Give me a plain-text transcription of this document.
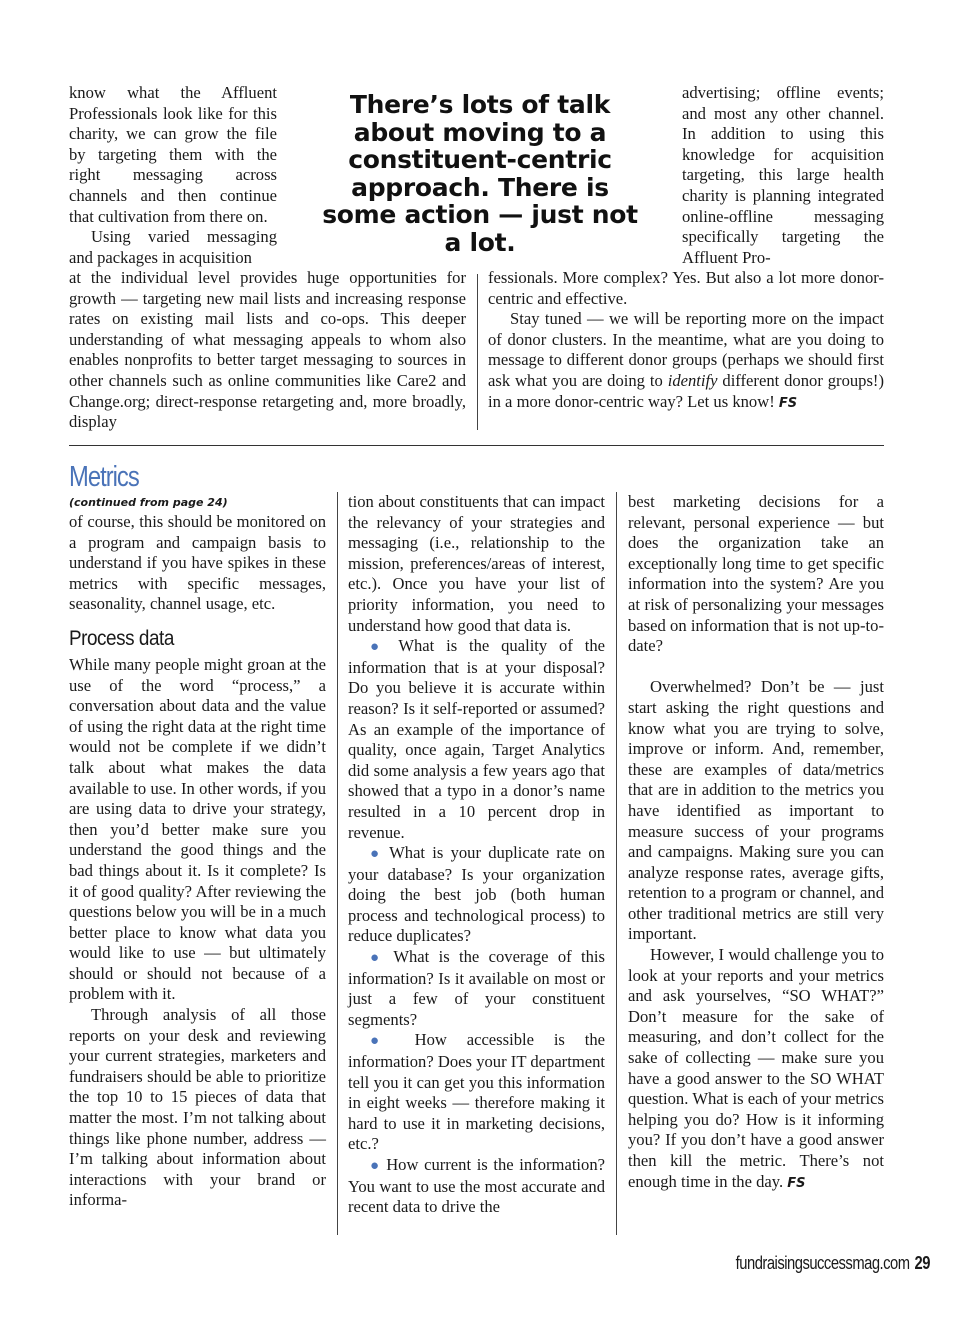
know what the Affluent Professionals look like for this charity, we can grow the file by targeting them with the right messaging across channels and then continue that cultivation from there on.

Using varied messaging and packages in acquisition

There’s lots of talk about moving to a constituent-centric approach. There is some action — just not a lot.

advertising; offline events; and most any other channel. In addition to using this knowledge for acquisition targeting, this large health charity is planning integrated online-offline messaging specifically targeting the Affluent Pro-

at the individual level provides huge opportunities for growth — targeting new mail lists and increasing response rates on existing mail lists and co-ops. This deeper understanding of what messaging appeals to whom also enables nonprofits to better target messaging to sources in other channels such as online communities like Care2 and Change.org; direct-response retargeting and, more broadly, display

fessionals. More complex? Yes. But also a lot more donor-centric and effective.

Stay tuned — we will be reporting more on the impact of donor clusters. In the meantime, what are you doing to message to different donor groups (perhaps we should first ask what you are doing to identify different donor groups!) in a more donor-centric way? Let us know! FS

Metrics
(continued from page 24)

of course, this should be monitored on a program and campaign basis to understand if you have spikes in these metrics with specific messages, seasonality, channel usage, etc.

Process data

While many people might groan at the use of the word “process,” a conversation about data and the value of using the right data at the right time would not be complete if we didn’t talk about what makes the data available to use. In other words, if you are using data to drive your strategy, then you’d better make sure you understand the good things and the bad things about it. Is it complete? Is it of good quality? After reviewing the questions below you will be in a much better place to know what data you would like to use — but ultimately should or should not because of a problem with it.

Through analysis of all those reports on your desk and reviewing your current strategies, marketers and fundraisers should be able to prioritize the top 10 to 15 pieces of data that matter the most. I’m not talking about things like phone number, address — I’m talking about information about interactions with your brand or informa-

tion about constituents that can impact the relevancy of your strategies and messaging (i.e., relationship to the mission, preferences/areas of interest, etc.). Once you have your list of priority information, you need to understand how good that data is.

● What is the quality of the information that is at your disposal? Do you believe it is accurate within reason? Is it self-reported or assumed? As an example of the importance of quality, once again, Target Analytics did some analysis a few years ago that showed that a typo in a donor’s name resulted in a 10 percent drop in revenue.

● What is your duplicate rate on your database? Is your organization doing the best job (both human process and technological process) to reduce duplicates?

● What is the coverage of this information? Is it available on most or just a few of your constituent segments?

● How accessible is the information? Does your IT department tell you it can get you this information in eight weeks — therefore making it hard to use it in marketing decisions, etc.?

● How current is the information? You want to use the most accurate and recent data to drive the

best marketing decisions for a relevant, personal experience — but does the organization take an exceptionally long time to get specific information into the system? Are you at risk of personalizing your messages based on information that is not up-to-date?

Overwhelmed? Don’t be — just start asking the right questions and know what you are trying to solve, improve or inform. And, remember, these are examples of data/metrics that are in addition to the metrics you have identified as important to measure success of your programs and campaigns. Making sure you can analyze response rates, average gifts, retention to a program or channel, and other traditional metrics are still very important.

However, I would challenge you to look at your reports and your metrics and ask yourselves, “SO WHAT?” Don’t measure for the sake of measuring, and don’t collect for the sake of collecting — make sure you have a good answer to the SO WHAT question. What is each of your metrics helping you do? How is it informing you? If you don’t have a good answer then kill the metric. There’s not enough time in the day. FS

fundraisingsuccessmag.com 29
